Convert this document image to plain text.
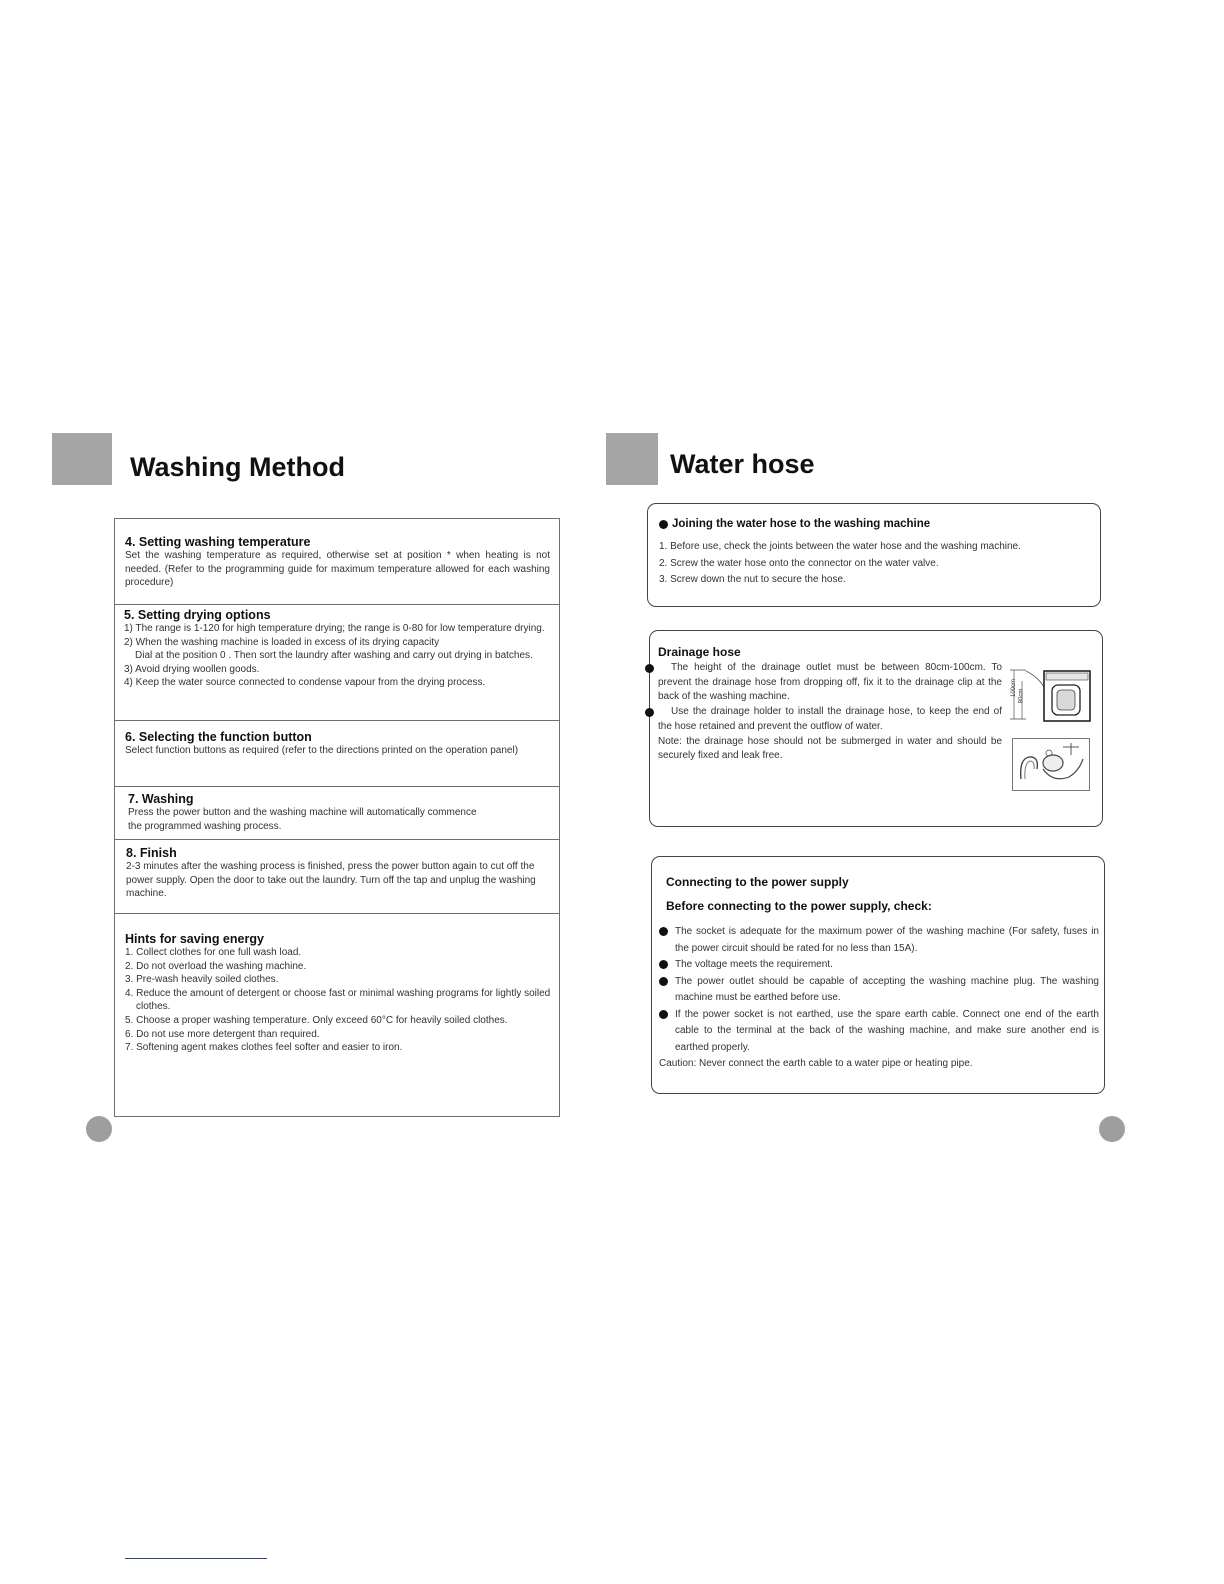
Washing Method

4. Setting washing temperature

Set the washing temperature as required, otherwise set at position * when heating is not needed. (Refer to the programming guide for maximum temperature allowed for each washing procedure)

5. Setting drying options

1) The range is 1-120 for high temperature drying; the range is 0-80 for low temperature drying.

2) When the washing machine is loaded in excess of its drying capacity

Dial at the position 0 . Then sort the laundry after washing and carry out drying in batches.

3) Avoid drying woollen goods.

4) Keep the water source connected to condense vapour from the drying process.

6. Selecting the function button

Select function buttons as required (refer to the directions printed on the operation panel)

7. Washing

Press the power button and the washing machine will automatically commence

the programmed washing process.

8. Finish

2-3 minutes after the washing process is finished, press the power button again to cut off the power supply. Open the door to take out the laundry. Turn off the tap and unplug the washing machine.

Hints for saving energy

1. Collect clothes for one full wash load.

2. Do not overload the washing machine.

3. Pre-wash heavily soiled clothes.

4. Reduce the amount of detergent or choose fast or minimal washing programs for lightly soiled clothes.

5. Choose a proper washing temperature. Only exceed 60°C for heavily soiled clothes.

6. Do not use more detergent than required.

7. Softening agent makes clothes feel softer and easier to iron.

Water hose
Joining the water hose to the washing machine

1. Before use, check the joints between the water hose and the washing machine.

2. Screw the water hose onto the connector on the water valve.

3. Screw down the nut to secure the hose.

Drainage hose

The height of the drainage outlet must be between 80cm-100cm. To prevent the drainage hose from dropping off, fix it to the drainage clip at the back of the washing machine.

Use the drainage holder to install the drainage hose, to keep the end of the hose retained and prevent the outflow of water.

Note: the drainage hose should not be submerged in water and should be securely fixed and leak free.

100cm 80cm
Connecting to the power supply
Before connecting to the power supply, check:

The socket is adequate for the maximum power of the washing machine (For safety, fuses in the power circuit should be rated for no less than 15A).

The voltage meets the requirement.

The power outlet should be capable of accepting the washing machine plug. The washing machine must be earthed before use.

If the power socket is not earthed, use the spare earth cable. Connect one end of the earth cable to the terminal at the back of the washing machine, and make sure another end is earthed properly.

Caution: Never connect the earth cable to a water pipe or heating pipe.
